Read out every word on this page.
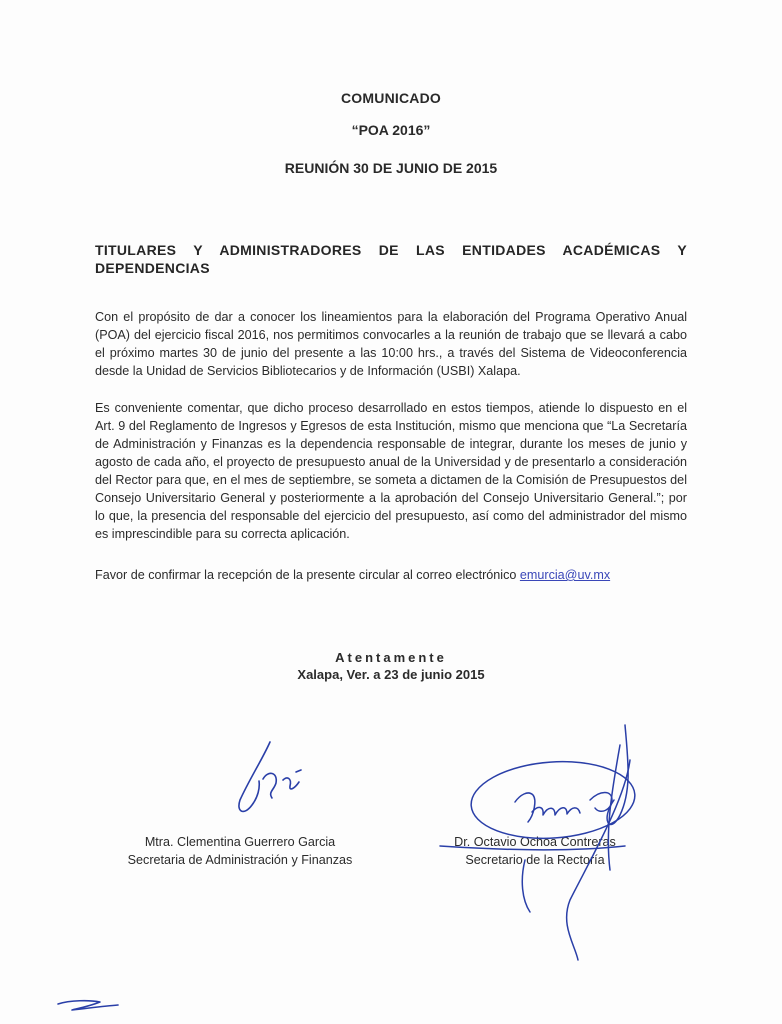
COMUNICADO
“POA 2016”
REUNIÓN 30 DE JUNIO DE 2015
TITULARES Y ADMINISTRADORES DE LAS ENTIDADES ACADÉMICAS Y DEPENDENCIAS
Con el propósito de dar a conocer los lineamientos para la elaboración del Programa Operativo Anual (POA) del ejercicio fiscal 2016, nos permitimos convocarles a la reunión de trabajo que se llevará a cabo el próximo martes 30 de junio del presente a las 10:00 hrs., a través del Sistema de Videoconferencia desde la Unidad de Servicios Bibliotecarios y de Información (USBI) Xalapa.
Es conveniente comentar, que dicho proceso desarrollado en estos tiempos, atiende lo dispuesto en el Art. 9 del Reglamento de Ingresos y Egresos de esta Institución, mismo que menciona que “La Secretaría de Administración y Finanzas es la dependencia responsable de integrar, durante los meses de junio y agosto de cada año, el proyecto de presupuesto anual de la Universidad y de presentarlo a consideración del Rector para que, en el mes de septiembre, se someta a dictamen de la Comisión de Presupuestos del Consejo Universitario General y posteriormente a la aprobación del Consejo Universitario General.”; por lo que, la presencia del responsable del ejercicio del presupuesto, así como del administrador del mismo es imprescindible para su correcta aplicación.
Favor de confirmar la recepción de la presente circular al correo electrónico emurcia@uv.mx
Atentamente
Xalapa, Ver. a 23 de junio 2015
Mtra. Clementina Guerrero Garcia
Secretaria de Administración y Finanzas
Dr. Octavio Ochoa Contreras
Secretario de la Rectoría
